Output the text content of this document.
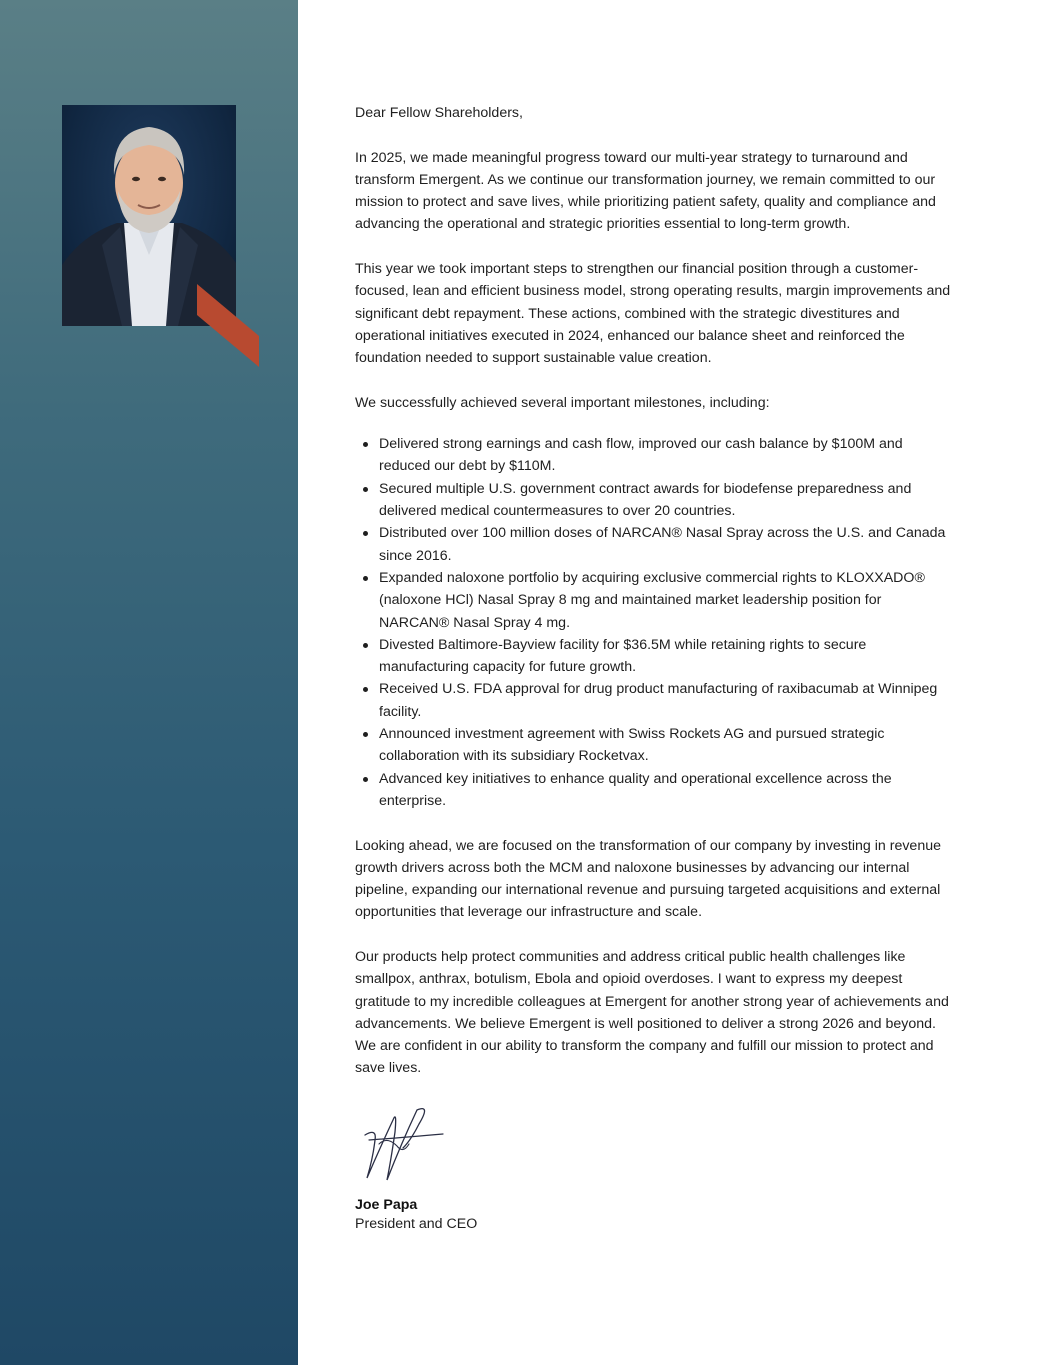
Dear Fellow Shareholders,

In 2025, we made meaningful progress toward our multi-year strategy to turnaround and transform Emergent. As we continue our transformation journey, we remain committed to our mission to protect and save lives, while prioritizing patient safety, quality and compliance and advancing the operational and strategic priorities essential to long-term growth.

This year we took important steps to strengthen our financial position through a customer-focused, lean and efficient business model, strong operating results, margin improvements and significant debt repayment. These actions, combined with the strategic divestitures and operational initiatives executed in 2024, enhanced our balance sheet and reinforced the foundation needed to support sustainable value creation.

We successfully achieved several important milestones, including:

Delivered strong earnings and cash flow, improved our cash balance by $100M and reduced our debt by $110M.
Secured multiple U.S. government contract awards for biodefense preparedness and delivered medical countermeasures to over 20 countries.
Distributed over 100 million doses of NARCAN® Nasal Spray across the U.S. and Canada since 2016.
Expanded naloxone portfolio by acquiring exclusive commercial rights to KLOXXADO® (naloxone HCl) Nasal Spray 8 mg and maintained market leadership position for NARCAN® Nasal Spray 4 mg.
Divested Baltimore-Bayview facility for $36.5M while retaining rights to secure manufacturing capacity for future growth.
Received U.S. FDA approval for drug product manufacturing of raxibacumab at Winnipeg facility.
Announced investment agreement with Swiss Rockets AG and pursued strategic collaboration with its subsidiary Rocketvax.
Advanced key initiatives to enhance quality and operational excellence across the enterprise.

Looking ahead, we are focused on the transformation of our company by investing in revenue growth drivers across both the MCM and naloxone businesses by advancing our internal pipeline, expanding our international revenue and pursuing targeted acquisitions and external opportunities that leverage our infrastructure and scale.

Our products help protect communities and address critical public health challenges like smallpox, anthrax, botulism, Ebola and opioid overdoses. I want to express my deepest gratitude to my incredible colleagues at Emergent for another strong year of achievements and advancements. We believe Emergent is well positioned to deliver a strong 2026 and beyond. We are confident in our ability to transform the company and fulfill our mission to protect and save lives.

Joe Papa
President and CEO
